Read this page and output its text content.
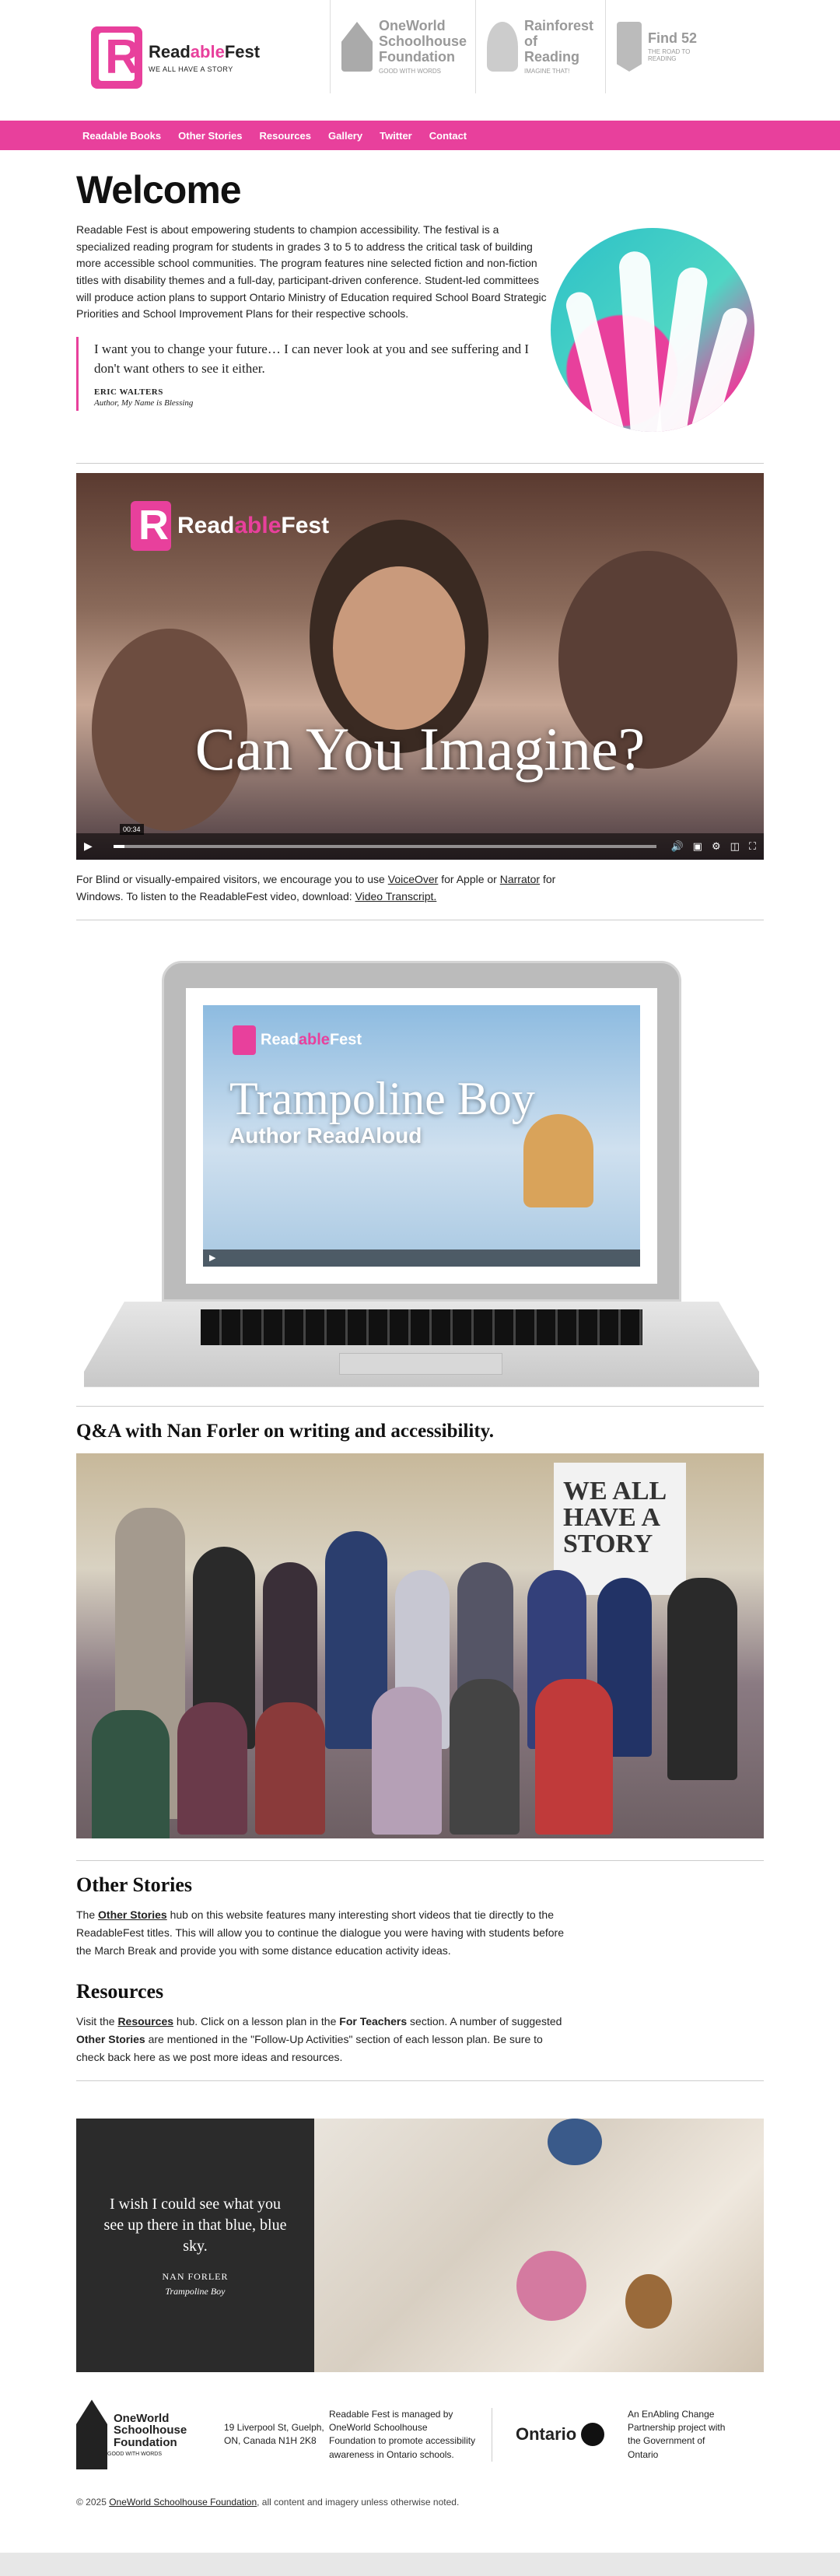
R
ReadableFest
WE ALL HAVE A STORY
OneWorld Schoolhouse Foundation
GOOD WITH WORDS
Rainforest of Reading
IMAGINE THAT!
Find 52
THE ROAD TO READING
Readable Books Other Stories Resources Gallery Twitter Contact
Welcome

Readable Fest is about empowering students to champion accessibility. The festival is a specialized reading program for students in grades 3 to 5 to address the critical task of building more accessible school communities. The program features nine selected fiction and non-fiction titles with disability themes and a full-day, participant-driven conference. Student-led committees will produce action plans to support Ontario Ministry of Education required School Board Strategic Priorities and School Improvement Plans for their respective schools.

I want you to change your future… I can never look at you and see suffering and I don't want others to see it either.
ERIC WALTERS
Author, My Name is Blessing
R
ReadableFest
Can You Imagine?
00:34
▶	🔊 ▣ ⚙ ◫ ⛶

For Blind or visually-empaired visitors, we encourage you to use VoiceOver for Apple or Narrator for Windows. To listen to the ReadableFest video, download: Video Transcript.

ReadableFest
Trampoline Boy
Author ReadAloud
▶
Q&A with Nan Forler on writing and accessibility.
WE ALL HAVE A STORY
Other Stories

The Other Stories hub on this website features many interesting short videos that tie directly to the ReadableFest titles. This will allow you to continue the dialogue you were having with students before the March Break and provide you with some distance education activity ideas.

Resources

Visit the Resources hub. Click on a lesson plan in the For Teachers section. A number of suggested Other Stories are mentioned in the "Follow-Up Activities" section of each lesson plan. Be sure to check back here as we post more ideas and resources.

I wish I could see what you see up there in that blue, blue sky.
NAN FORLER
Trampoline Boy
OneWorld Schoolhouse Foundation
GOOD WITH WORDS
19 Liverpool St, Guelph, ON, Canada N1H 2K8
Readable Fest is managed by OneWorld Schoolhouse Foundation to promote accessibility awareness in Ontario schools.
Ontario
An EnAbling Change Partnership project with the Government of Ontario
© 2025 OneWorld Schoolhouse Foundation, all content and imagery unless otherwise noted.
